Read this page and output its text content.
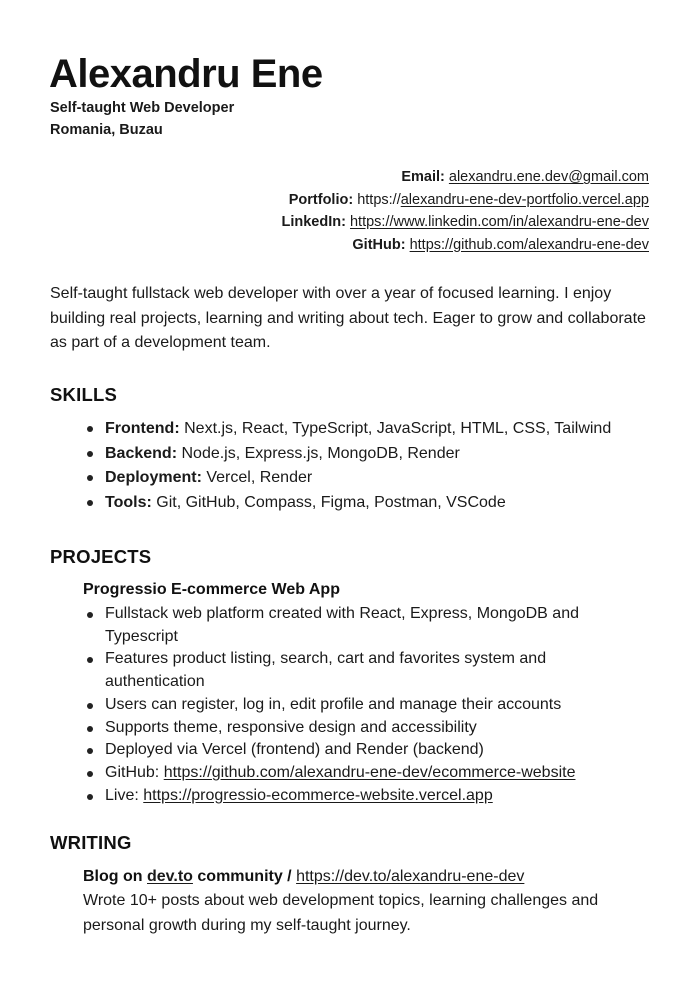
Alexandru Ene
Self-taught Web Developer
Romania, Buzau
Email: alexandru.ene.dev@gmail.com
Portfolio: https://alexandru-ene-dev-portfolio.vercel.app
LinkedIn: https://www.linkedin.com/in/alexandru-ene-dev
GitHub: https://github.com/alexandru-ene-dev
Self-taught fullstack web developer with over a year of focused learning. I enjoy building real projects, learning and writing about tech. Eager to grow and collaborate as part of a development team.
SKILLS
Frontend: Next.js, React, TypeScript, JavaScript, HTML, CSS, Tailwind
Backend: Node.js, Express.js, MongoDB, Render
Deployment: Vercel, Render
Tools: Git, GitHub, Compass, Figma, Postman, VSCode
PROJECTS
Progressio E-commerce Web App
Fullstack web platform created with React, Express, MongoDB and Typescript
Features product listing, search, cart and favorites system and authentication
Users can register, log in, edit profile and manage their accounts
Supports theme, responsive design and accessibility
Deployed via Vercel (frontend) and Render (backend)
GitHub: https://github.com/alexandru-ene-dev/ecommerce-website
Live: https://progressio-ecommerce-website.vercel.app
WRITING
Blog on dev.to community / https://dev.to/alexandru-ene-dev
Wrote 10+ posts about web development topics, learning challenges and personal growth during my self-taught journey.
